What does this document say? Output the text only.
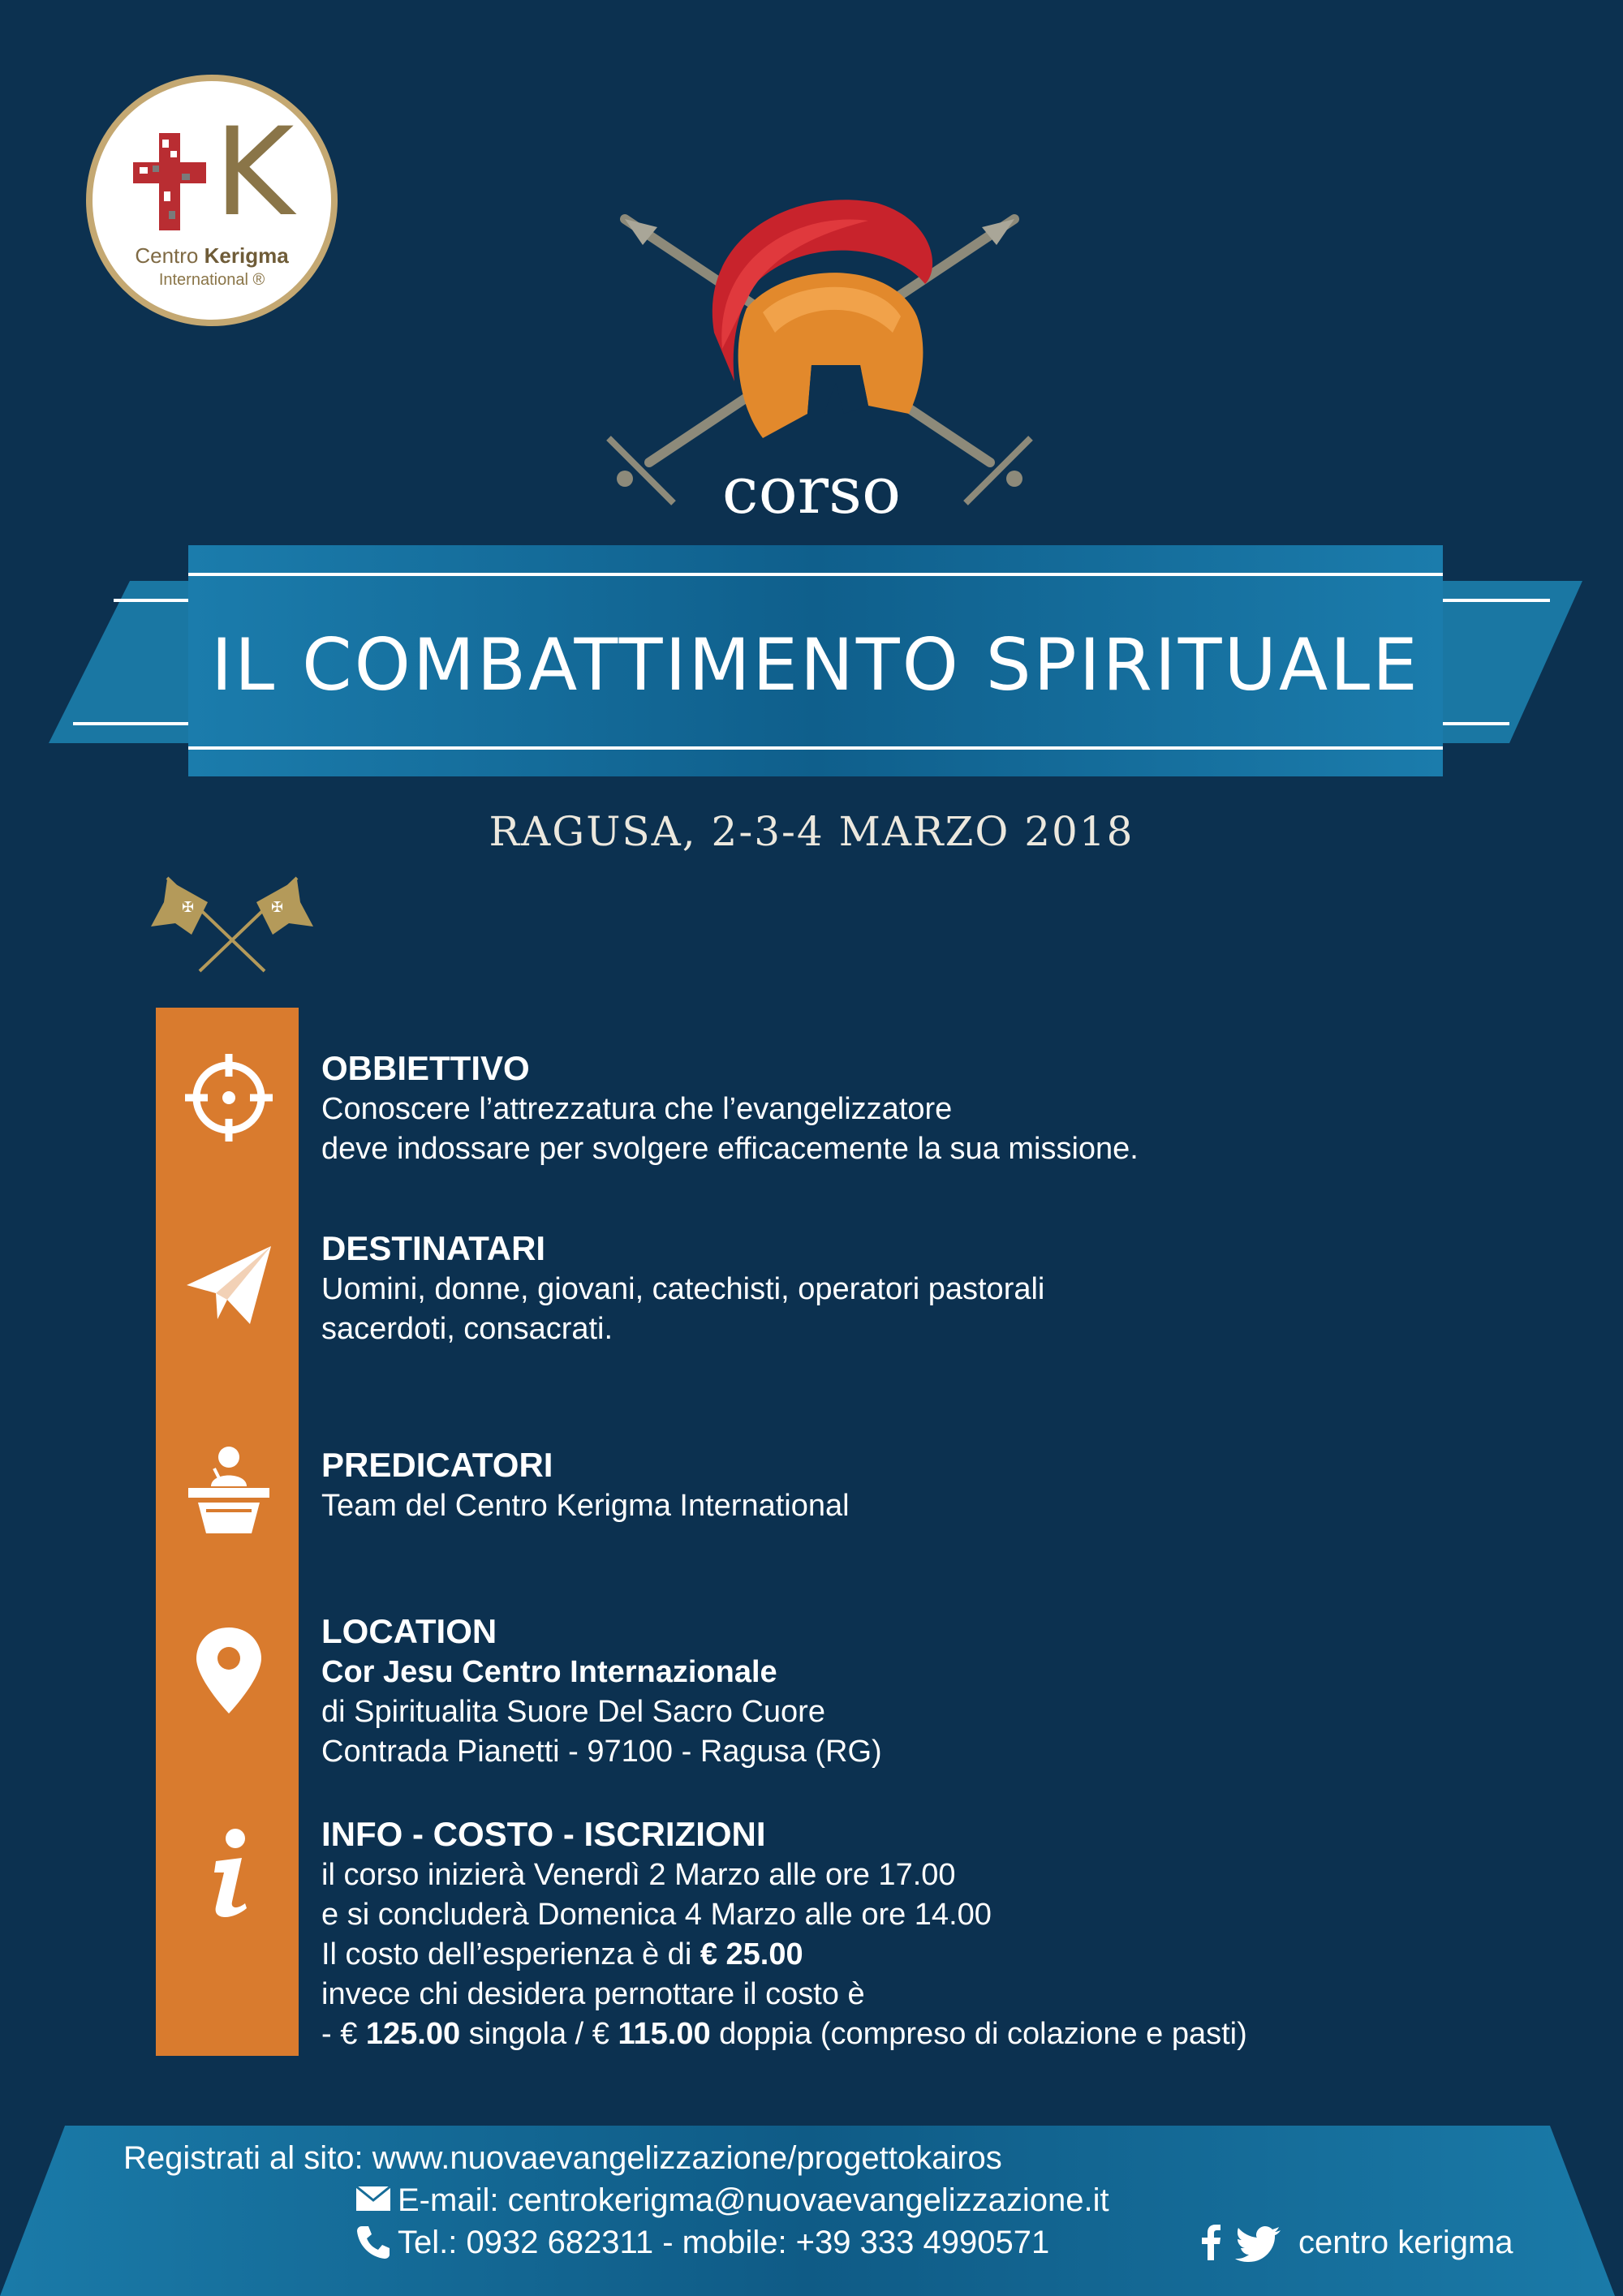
K
Centro Kerigma
International ®
corso
IL COMBATTIMENTO SPIRITUALE
RAGUSA, 2-3-4 MARZO 2018
✠	✠
OBBIETTIVO

Conoscere l’attrezzatura che l’evangelizzatore

deve indossare per svolgere efficacemente la sua missione.

DESTINATARI

Uomini, donne, giovani, catechisti, operatori pastorali

sacerdoti, consacrati.

PREDICATORI

Team del Centro Kerigma International

LOCATION

Cor Jesu Centro Internazionale

di Spiritualita Suore Del Sacro Cuore

Contrada Pianetti - 97100 - Ragusa (RG)

INFO - COSTO - ISCRIZIONI

il corso inizierà Venerdì 2 Marzo alle ore 17.00

e si concluderà Domenica 4 Marzo alle ore 14.00

Il costo dell’esperienza è di € 25.00

invece chi desidera pernottare il costo è

- € 125.00 singola / € 115.00 doppia (compreso di colazione e pasti)

Registrati al sito: www.nuovaevangelizzazione/progettokairos
E-mail: centrokerigma@nuovaevangelizzazione.it
Tel.: 0932 682311 - mobile: +39 333 4990571	centro kerigma
